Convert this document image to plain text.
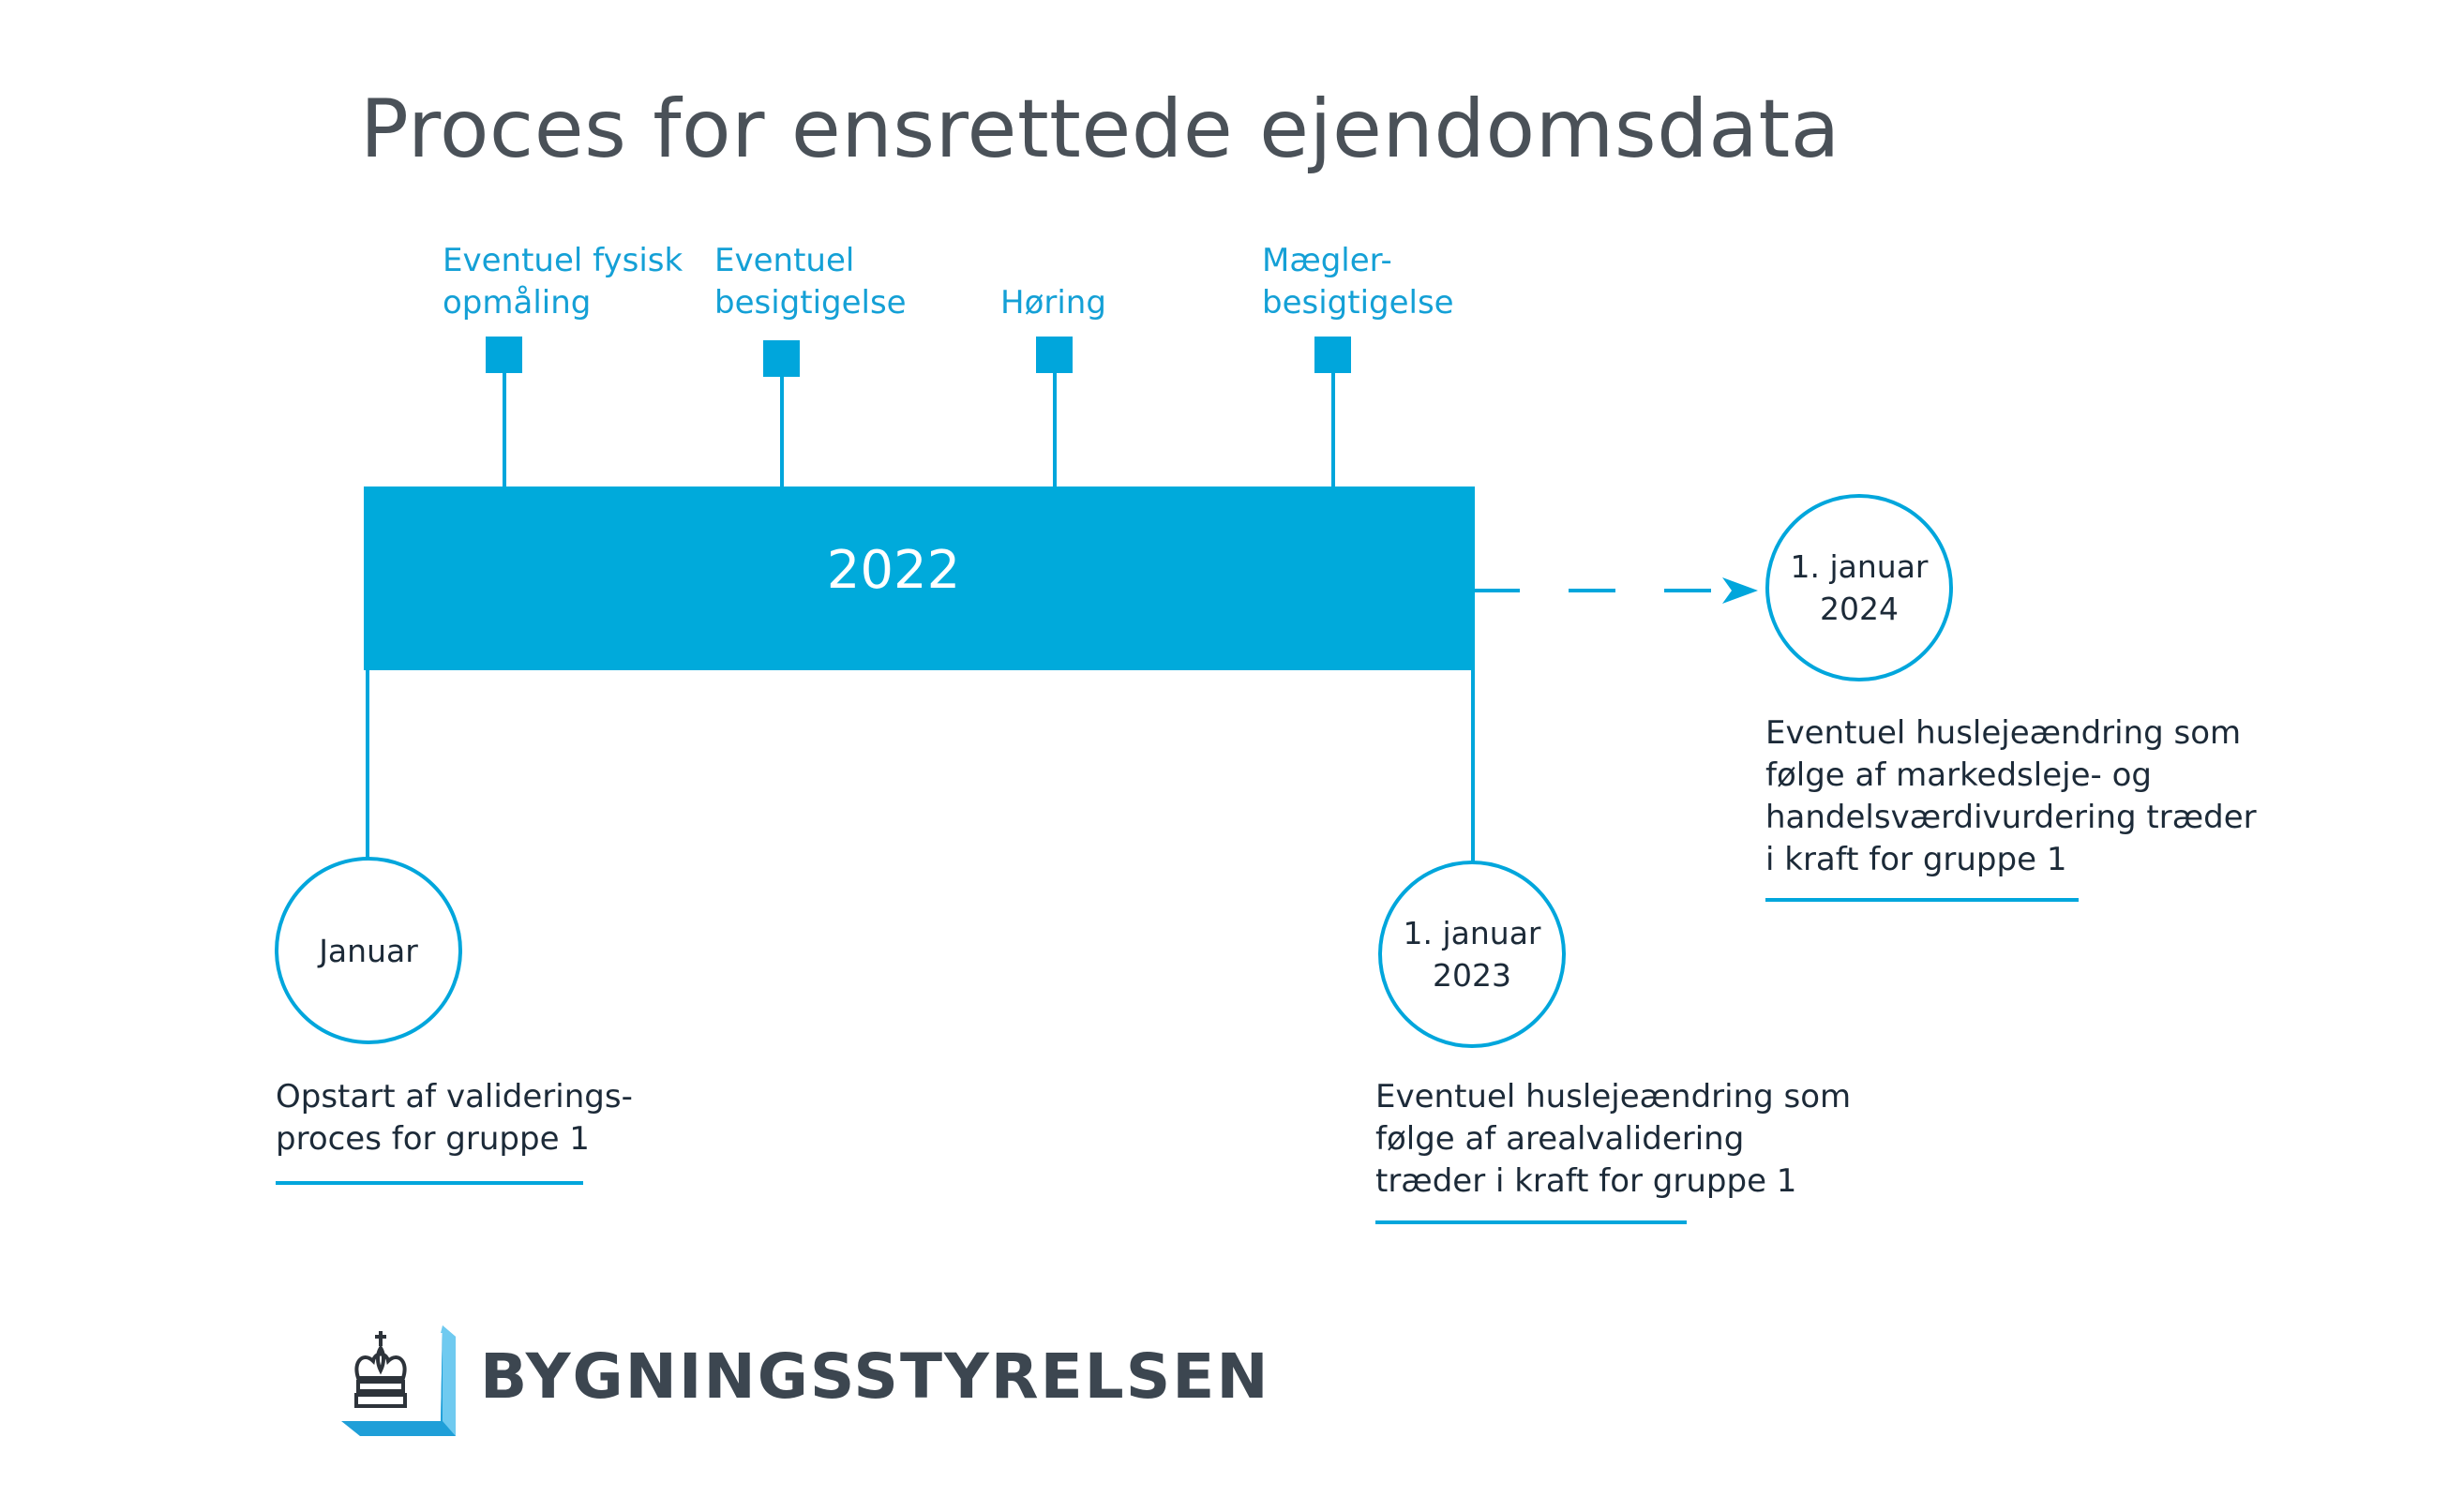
Proces for ensrettede ejendomsdata
Eventuel fysisk
opmåling
Eventuel
besigtigelse	Høring
Mægler-
besigtigelse
2022
Januar	1. januar
2023
1. januar
2024
Opstart af validerings-
proces for gruppe 1
Eventuel huslejeændring som
følge af arealvalidering
træder i kraft for gruppe 1
Eventuel huslejeændring som
følge af markedsleje- og
handelsværdivurdering træder
i kraft for gruppe 1
BYGNINGSSTYRELSEN
